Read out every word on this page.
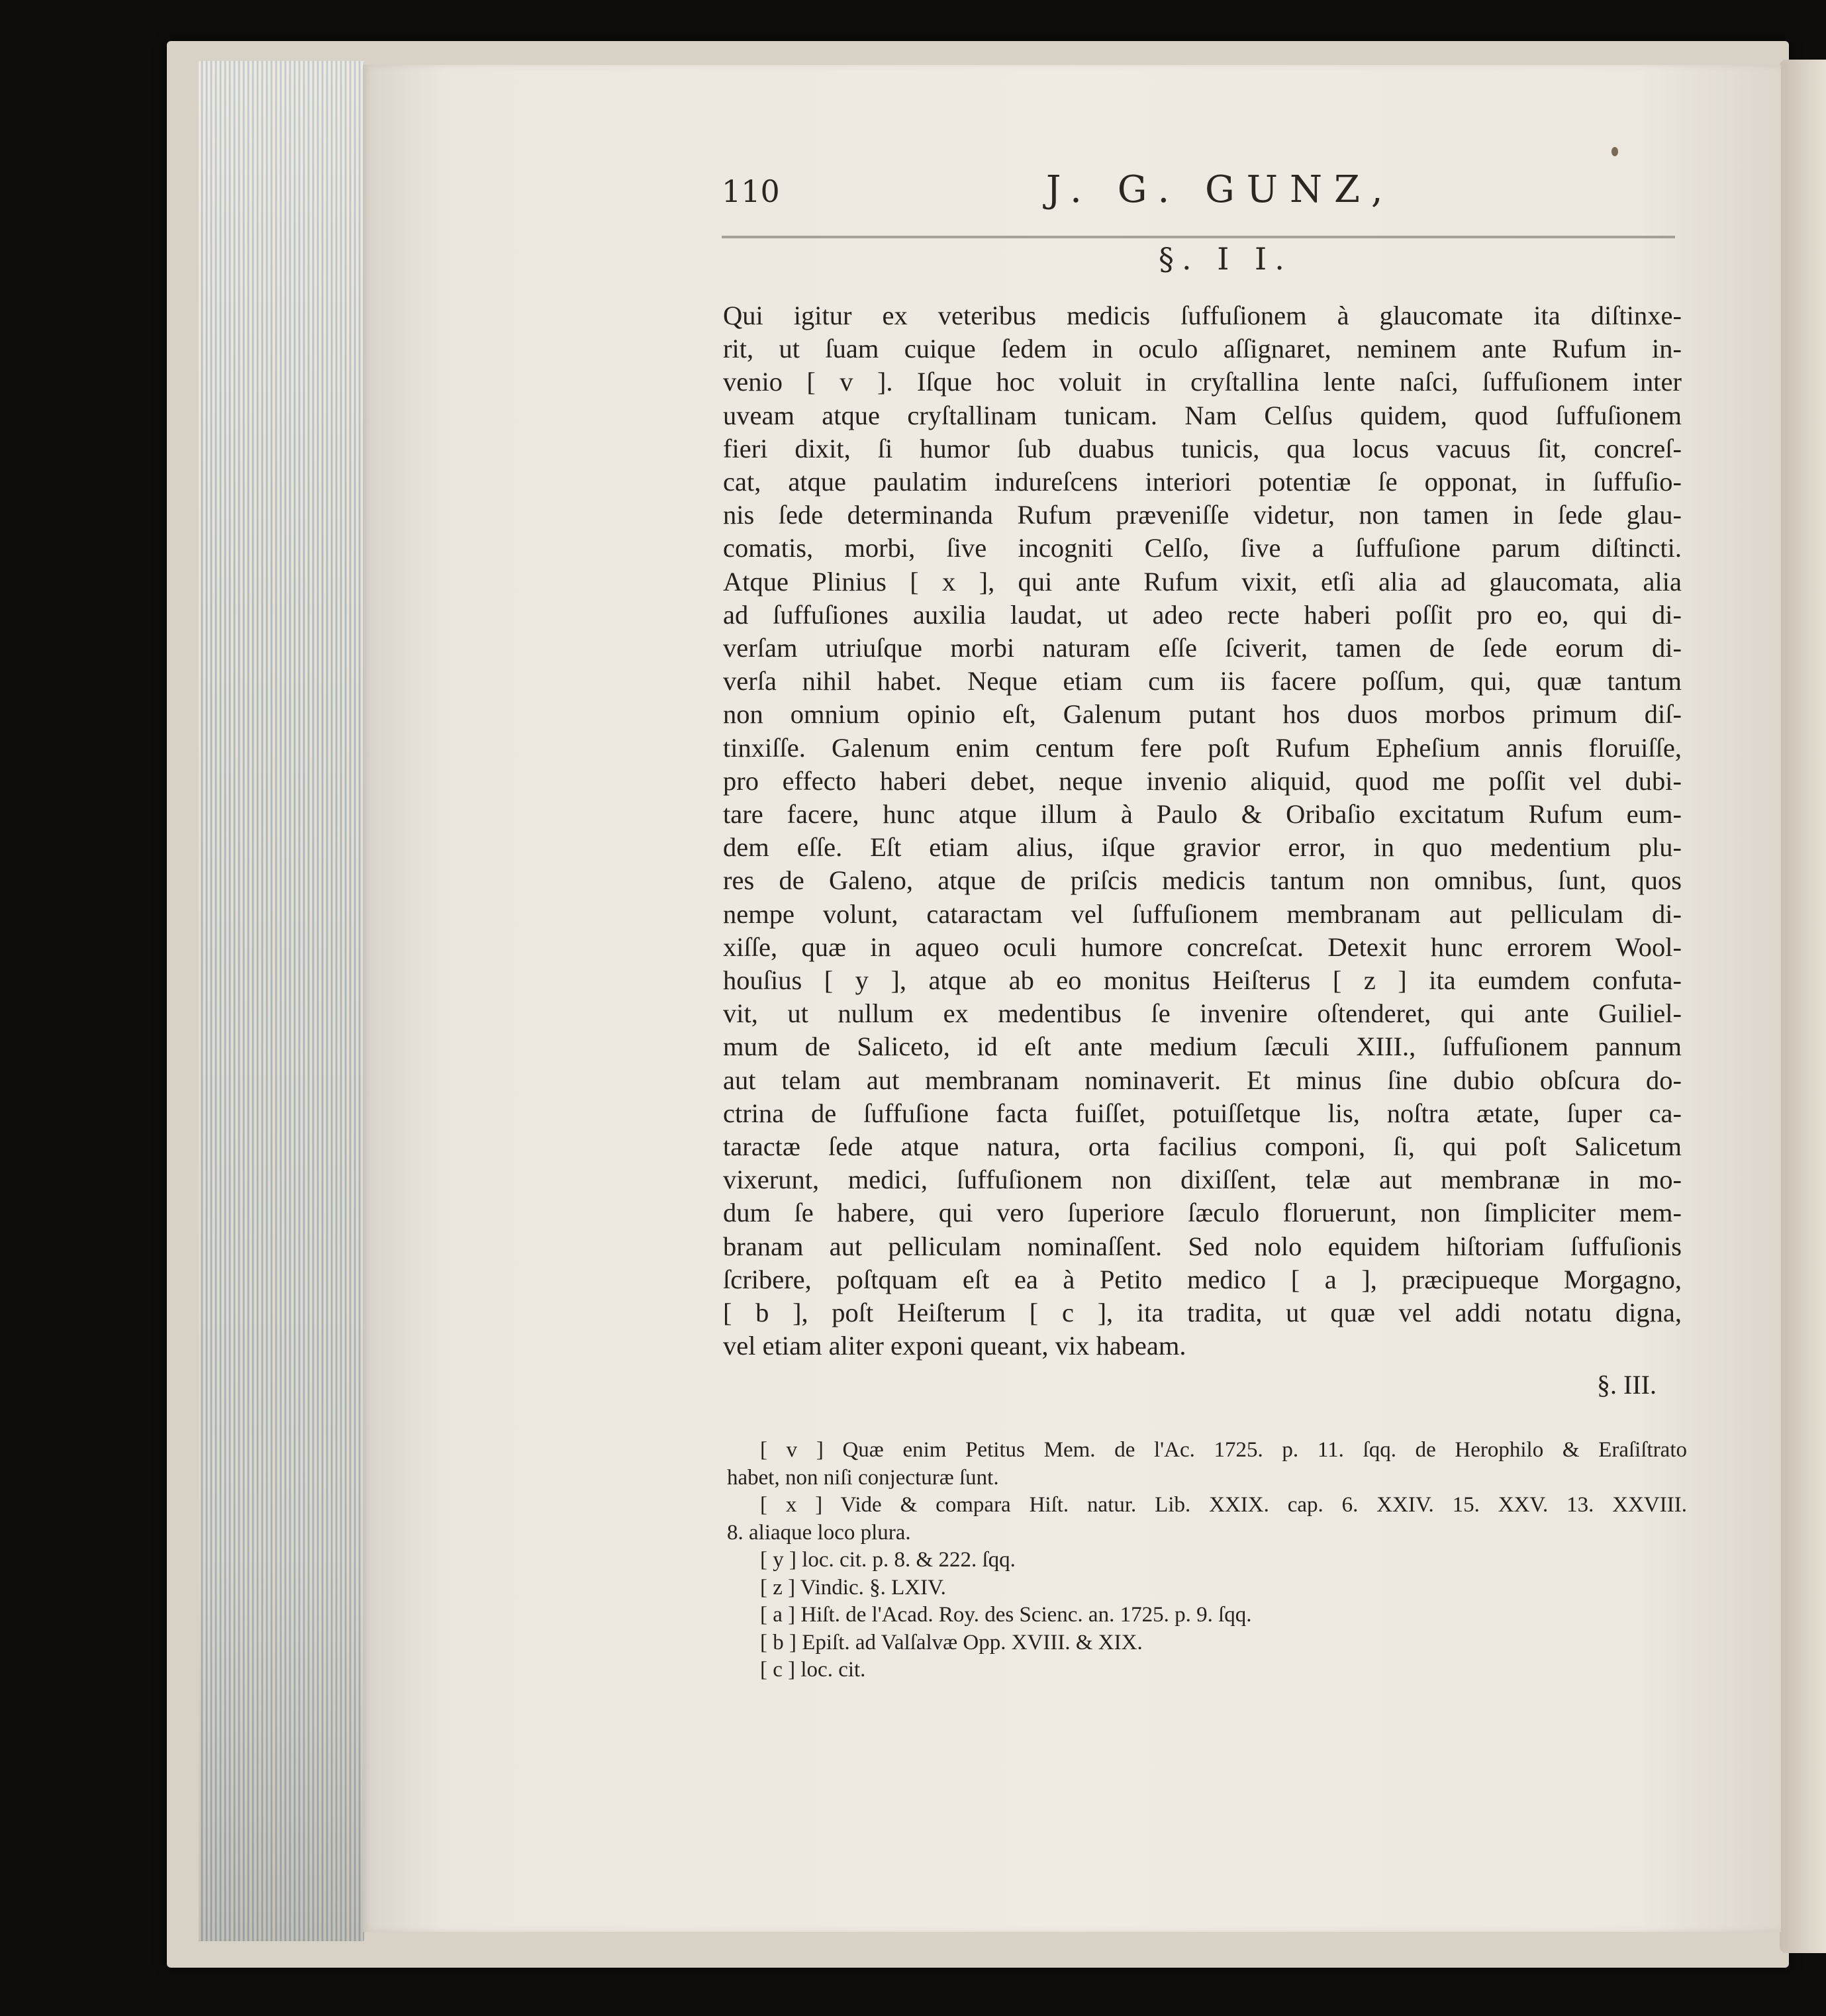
110	J. G. GUNZ,
§. I I.
Qui igitur ex veteribus medicis ſuffuſionem à glaucomate ita diſtinxe-
rit, ut ſuam cuique ſedem in oculo aſſignaret, neminem ante Rufum in-
venio [ v ]. Iſque hoc voluit in cryſtallina lente naſci, ſuffuſionem inter
uveam atque cryſtallinam tunicam. Nam Celſus quidem, quod ſuffuſionem
fieri dixit, ſi humor ſub duabus tunicis, qua locus vacuus ſit, concreſ-
cat, atque paulatim indureſcens interiori potentiæ ſe opponat, in ſuffuſio-
nis ſede determinanda Rufum præveniſſe videtur, non tamen in ſede glau-
comatis, morbi, ſive incogniti Celſo, ſive a ſuffuſione parum diſtincti.
Atque Plinius [ x ], qui ante Rufum vixit, etſi alia ad glaucomata, alia
ad ſuffuſiones auxilia laudat, ut adeo recte haberi poſſit pro eo, qui di-
verſam utriuſque morbi naturam eſſe ſciverit, tamen de ſede eorum di-
verſa nihil habet. Neque etiam cum iis facere poſſum, qui, quæ tantum
non omnium opinio eſt, Galenum putant hos duos morbos primum diſ-
tinxiſſe. Galenum enim centum fere poſt Rufum Epheſium annis floruiſſe,
pro effecto haberi debet, neque invenio aliquid, quod me poſſit vel dubi-
tare facere, hunc atque illum à Paulo & Oribaſio excitatum Rufum eum-
dem eſſe. Eſt etiam alius, iſque gravior error, in quo medentium plu-
res de Galeno, atque de priſcis medicis tantum non omnibus, ſunt, quos
nempe volunt, cataractam vel ſuffuſionem membranam aut pelliculam di-
xiſſe, quæ in aqueo oculi humore concreſcat. Detexit hunc errorem Wool-
houſius [ y ], atque ab eo monitus Heiſterus [ z ] ita eumdem confuta-
vit, ut nullum ex medentibus ſe invenire oſtenderet, qui ante Guiliel-
mum de Saliceto, id eſt ante medium ſæculi XIII., ſuffuſionem pannum
aut telam aut membranam nominaverit. Et minus ſine dubio obſcura do-
ctrina de ſuffuſione facta fuiſſet, potuiſſetque lis, noſtra ætate, ſuper ca-
taractæ ſede atque natura, orta facilius componi, ſi, qui poſt Salicetum
vixerunt, medici, ſuffuſionem non dixiſſent, telæ aut membranæ in mo-
dum ſe habere, qui vero ſuperiore ſæculo floruerunt, non ſimpliciter mem-
branam aut pelliculam nominaſſent. Sed nolo equidem hiſtoriam ſuffuſionis
ſcribere, poſtquam eſt ea à Petito medico [ a ], præcipueque Morgagno,
[ b ], poſt Heiſterum [ c ], ita tradita, ut quæ vel addi notatu digna,
vel etiam aliter exponi queant, vix habeam.
§. III.
[ v ] Quæ enim Petitus Mem. de l'Ac. 1725. p. 11. ſqq. de Herophilo & Eraſiſtrato
habet, non niſi conjecturæ ſunt.
[ x ] Vide & compara Hiſt. natur. Lib. XXIX. cap. 6. XXIV. 15. XXV. 13. XXVIII.
8. aliaque loco plura.
[ y ] loc. cit. p. 8. & 222. ſqq.
[ z ] Vindic. §. LXIV.
[ a ] Hiſt. de l'Acad. Roy. des Scienc. an. 1725. p. 9. ſqq.
[ b ] Epiſt. ad Valſalvæ Opp. XVIII. & XIX.
[ c ] loc. cit.
